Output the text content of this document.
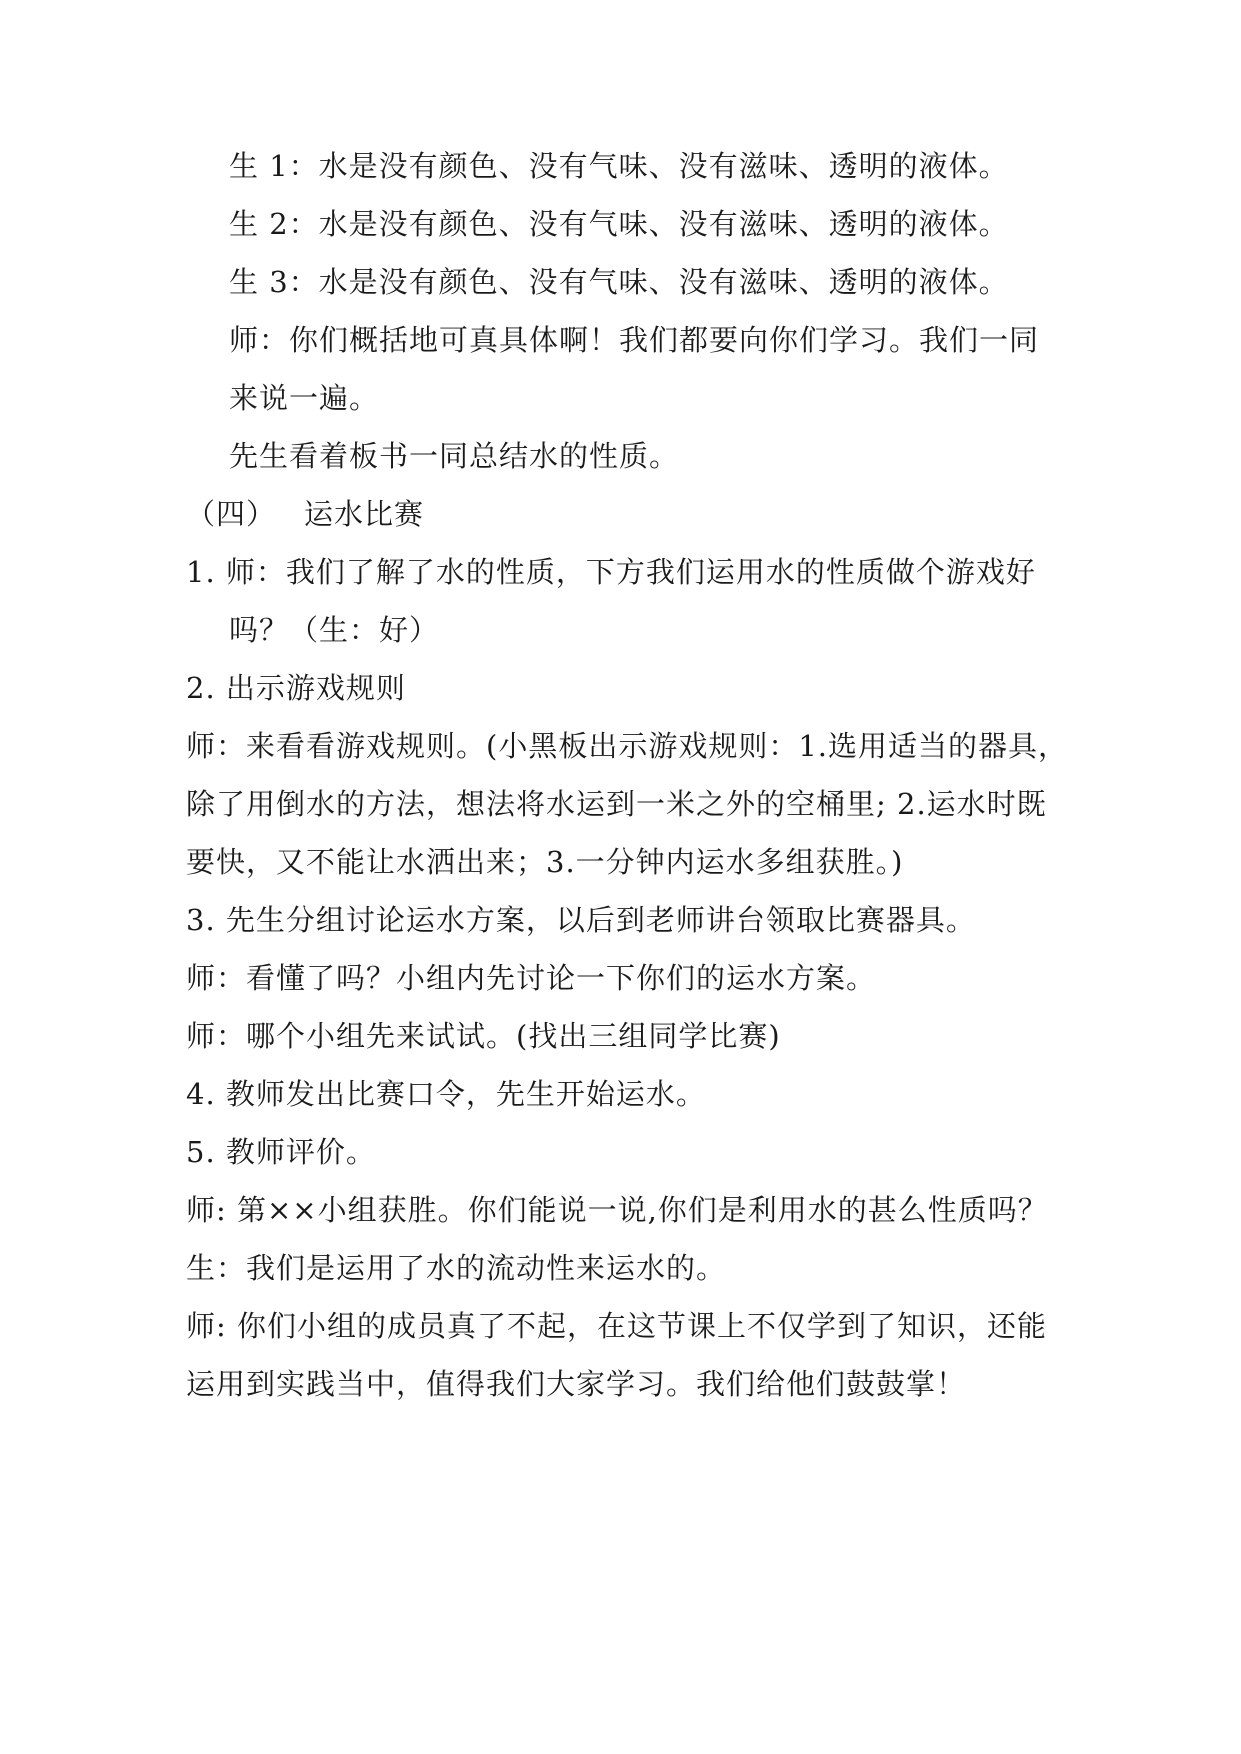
生 1：水是没有颜色、没有气味、没有滋味、透明的液体。
生 2：水是没有颜色、没有气味、没有滋味、透明的液体。
生 3：水是没有颜色、没有气味、没有滋味、透明的液体。
师：你们概括地可真具体啊！我们都要向你们学习。我们一同
来说一遍。
先生看着板书一同总结水的性质。
（四） 运水比赛
1. 师：我们了解了水的性质，下方我们运用水的性质做个游戏好
吗？（生：好）
2. 出示游戏规则
师：来看看游戏规则。(小黑板出示游戏规则：1.选用适当的器具，
除了用倒水的方法，想法将水运到一米之外的空桶里; 2.运水时既
要快，又不能让水洒出来；3.一分钟内运水多组获胜。)
3. 先生分组讨论运水方案，以后到老师讲台领取比赛器具。
师：看懂了吗？小组内先讨论一下你们的运水方案。
师：哪个小组先来试试。(找出三组同学比赛)
4. 教师发出比赛口令，先生开始运水。
5. 教师评价。
师: 第××小组获胜。你们能说一说,你们是利用水的甚么性质吗？
生：我们是运用了水的流动性来运水的。
师: 你们小组的成员真了不起，在这节课上不仅学到了知识，还能
运用到实践当中，值得我们大家学习。我们给他们鼓鼓掌！
